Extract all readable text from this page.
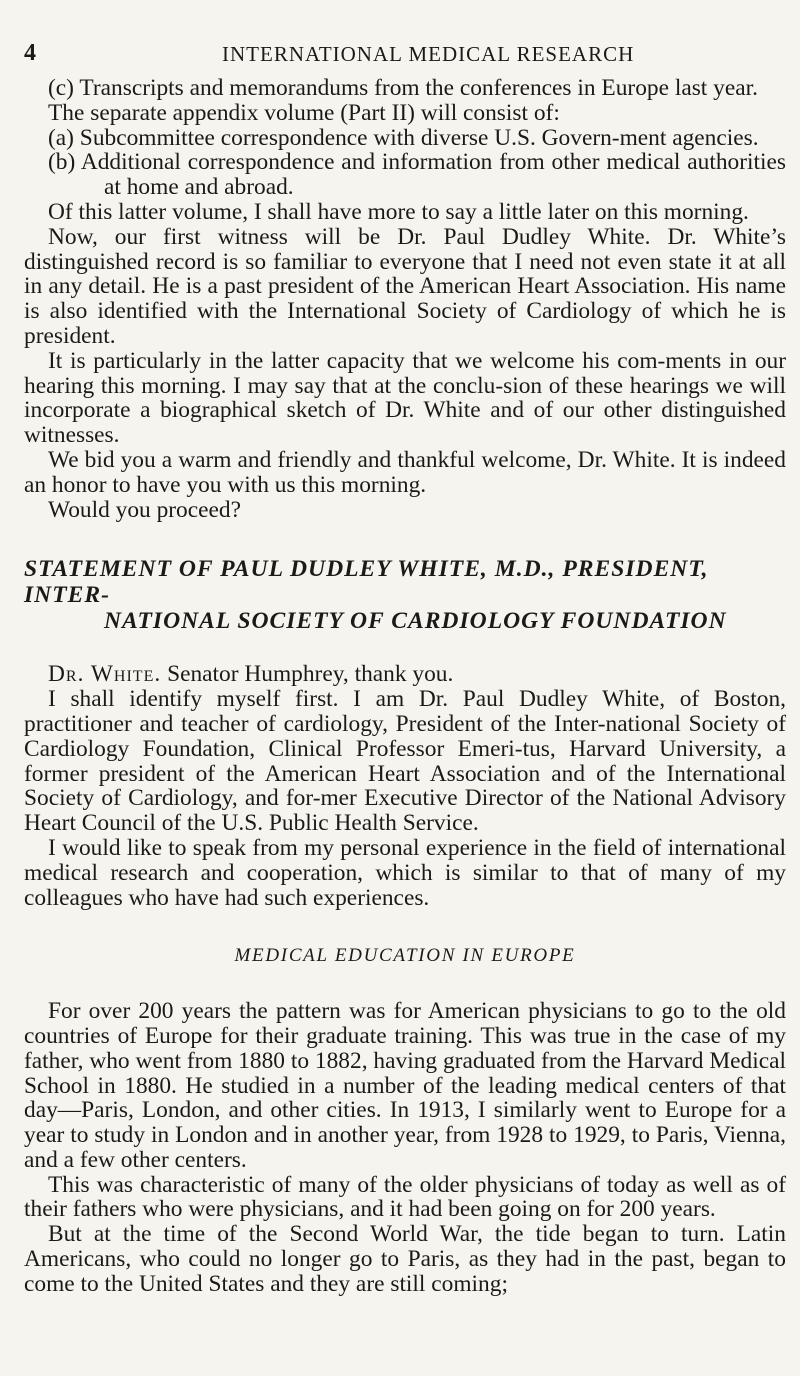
4	INTERNATIONAL MEDICAL RESEARCH

(c) Transcripts and memorandums from the conferences in Europe last year.

The separate appendix volume (Part II) will consist of:

(a) Subcommittee correspondence with diverse U.S. Govern-ment agencies.

(b) Additional correspondence and information from other medical authorities at home and abroad.

Of this latter volume, I shall have more to say a little later on this morning.

Now, our first witness will be Dr. Paul Dudley White. Dr. White’s distinguished record is so familiar to everyone that I need not even state it at all in any detail. He is a past president of the American Heart Association. His name is also identified with the International Society of Cardiology of which he is president.

It is particularly in the latter capacity that we welcome his com-ments in our hearing this morning. I may say that at the conclu-sion of these hearings we will incorporate a biographical sketch of Dr. White and of our other distinguished witnesses.

We bid you a warm and friendly and thankful welcome, Dr. White. It is indeed an honor to have you with us this morning.

Would you proceed?

STATEMENT OF PAUL DUDLEY WHITE, M.D., PRESIDENT, INTER-
NATIONAL SOCIETY OF CARDIOLOGY FOUNDATION

Dr. White. Senator Humphrey, thank you.

I shall identify myself first. I am Dr. Paul Dudley White, of Boston, practitioner and teacher of cardiology, President of the Inter-national Society of Cardiology Foundation, Clinical Professor Emeri-tus, Harvard University, a former president of the American Heart Association and of the International Society of Cardiology, and for-mer Executive Director of the National Advisory Heart Council of the U.S. Public Health Service.

I would like to speak from my personal experience in the field of international medical research and cooperation, which is similar to that of many of my colleagues who have had such experiences.

MEDICAL EDUCATION IN EUROPE

For over 200 years the pattern was for American physicians to go to the old countries of Europe for their graduate training. This was true in the case of my father, who went from 1880 to 1882, having graduated from the Harvard Medical School in 1880. He studied in a number of the leading medical centers of that day—Paris, London, and other cities. In 1913, I similarly went to Europe for a year to study in London and in another year, from 1928 to 1929, to Paris, Vienna, and a few other centers.

This was characteristic of many of the older physicians of today as well as of their fathers who were physicians, and it had been going on for 200 years.

But at the time of the Second World War, the tide began to turn. Latin Americans, who could no longer go to Paris, as they had in the past, began to come to the United States and they are still coming;
